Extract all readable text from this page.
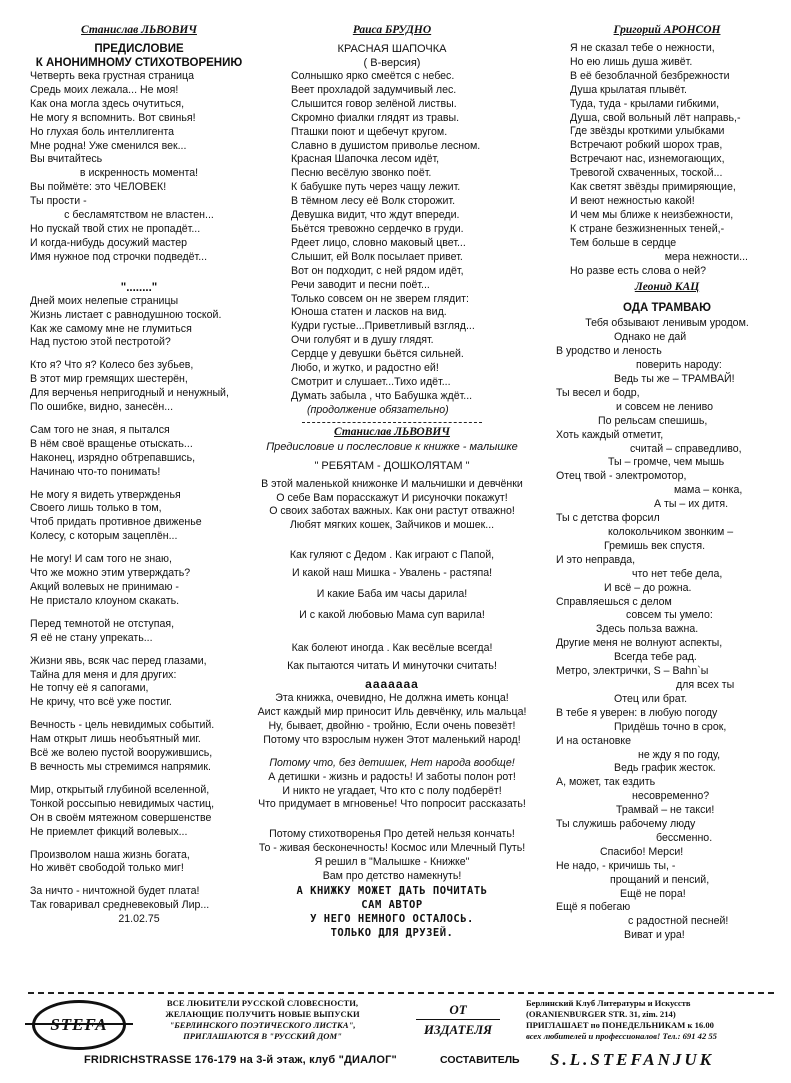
Станислав ЛЬВОВИЧ
ПРЕДИСЛОВИЕ
К АНОНИМНОМУ СТИХОТВОРЕНИЮ
Четверть века грустная страница
Средь моих лежала... Не моя!
Как она могла здесь очутиться,
Не могу я вспомнить. Вот свинья!
Но глухая боль интеллигента
Мне родна! Уже сменился век...
Вы вчитайтесь
в искренность момента!
Вы поймёте: это ЧЕЛОВЕК!
Ты прости -
с бесламятством не властен...
Но пускай твой стих не пропадёт...
И когда-нибудь досужий мастер
Имя нужное под строчки подведёт...
"........"
Дней моих нелепые страницы
Жизнь листает с равнодушною тоской.
Как же самому мне не глумиться
Над пустою этой пестротой?
Кто я? Что я? Колесо без зубьев,
В этот мир гремящих шестерён,
Для верченья непригодный и ненужный,
По ошибке, видно, занесён...
Сам того не зная, я пытался
В нём своё вращенье отыскать...
Наконец, изрядно обтрепавшись,
Начинаю что-то понимать!
Не могу я видеть утвержденья
Своего лишь только в том,
Чтоб придать противное движенье
Колесу, с которым зацеплён...
Не могу! И сам того не знаю,
Что же можно этим утверждать?
Акций волевых не принимаю -
Не пристало клоуном скакать.
Перед темнотой не отступая,
Я её не стану упрекать...
Жизни явь, всяк час перед глазами,
Тайна для меня и для других:
Не топчу её я сапогами,
Не кричу, что всё уже постиг.
Вечность - цель невидимых событий.
Нам открыт лишь необъятный миг.
Всё же волею пустой вооружившись,
В вечность мы стремимся напрямик.
Мир, открытый глубиной вселенной,
Тонкой россыпью невидимых частиц,
Он в своём мятежном совершенстве
Не приемлет фикций волевых...
Произволом наша жизнь богата,
Но живёт свободой только миг!
За ничто - ничтожной будет плата!
Так говаривал средневековый Лир...
21.02.75
Раиса БРУДНО
КРАСНАЯ ШАПОЧКА
( В-версия)
Солнышко ярко смеётся с небес.
Веет прохладой задумчивый лес.
Слышится говор зелёной листвы.
Скромно фиалки глядят из травы.
Пташки поют и щебечут кругом.
Славно в душистом приволье лесном.
Красная Шапочка лесом идёт,
Песню весёлую звонко поёт.
К бабушке путь через чащу лежит.
В тёмном лесу её Волк сторожит.
Девушка видит, что ждут впереди.
Бьётся тревожно сердечко в груди.
Рдеет лицо, словно маковый цвет...
Слышит, ей Волк посылает привет.
Вот он подходит, с ней рядом идёт,
Речи заводит и песни поёт...
Только совсем он не зверем глядит:
Юноша статен и ласков на вид.
Кудри густые...Приветливый взгляд...
Очи голубят и в душу глядят.
Сердце у девушки бьётся сильней.
Любо, и жутко, и радостно ей!
Смотрит и слушает...Тихо идёт...
Думать забыла , что Бабушка ждёт...
(продолжение обязательно)
Станислав ЛЬВОВИЧ
Предисловие и послесловие к книжке - малышке
" РЕБЯТАМ - ДОШКОЛЯТАМ "
В этой маленькой книжонке И мальчишки и девчёнки
О себе Вам порасскажут И рисуночки покажут!
О своих заботах важных. Как они растут отважно!
Любят мягких кошек, Зайчиков и мошек...
Как гуляют с Дедом . Как играют с Папой,
И какой наш Мишка - Увалень - растяпа!
И какие Баба им часы дарила!
И с какой любовью Мама суп варила!
Как болеют иногда . Как весёлые всегда!
Как пытаются читать И минуточки считать!
ааааааа
Эта книжка, очевидно, Не должна иметь конца!
Аист каждый мир приносит Иль девчёнку, иль мальца!
Ну, бывает, двойню - тройню, Если очень повезёт!
Потому что взрослым нужен Этот маленький народ!
Потому что, без детишек, Нет народа вообще!
А детишки - жизнь и радость! И заботы полон рот!
И никто не угадает, Что кто с полу подберёт!
Что придумает в мгновенье! Что попросит рассказать!
Потому стихотворенья Про детей нельзя кончать!
То - живая бесконечность! Космос или Млечный Путь!
Я решил в "Малышке - Книжке"
Вам про детство намекнуть!
А КНИЖКУ МОЖЕТ ДАТЬ ПОЧИТАТЬ
САМ АВТОР
У НЕГО НЕМНОГО ОСТАЛОСЬ.
ТОЛЬКО ДЛЯ ДРУЗЕЙ.
Григорий АРОНСОН
Я не сказал тебе о нежности,
Но ею лишь душа живёт.
В её безоблачной безбрежности
Душа крылатая плывёт.
Туда, туда - крылами гибкими,
Душа, свой вольный лёт направь,-
Где звёзды кроткими улыбками
Встречают робкий шорох трав,
Встречают нас, изнемогающих,
Тревогой схваченных, тоской...
Как светят звёзды примиряющие,
И веют нежностью какой!
И чем мы ближе к неизбежности,
К стране безжизненных теней,-
Тем больше в сердце
мера нежности...
Но разве есть слова о ней?
Леонид КАЦ
ОДА ТРАМВАЮ
Тебя обзывают ленивым уродом.
Однако не дай
В уродство и леность
поверить народу:
Ведь ты же – ТРАМВАЙ!
Ты весел и бодр,
и совсем не лениво
По рельсам спешишь,
Хоть каждый отметит,
считай – справедливо,
Ты – громче, чем мышь
Отец твой - электромотор,
мама – конка,
А ты – их дитя.
Ты с детства форсил
колокольчиком звонким –
Гремишь век спустя.
И это неправда,
что нет тебе дела,
И всё – до рожна.
Справляешься с делом
совсем ты умело:
Здесь польза важна.
Другие меня не волнуют аспекты,
Всегда тебе рад.
Метро, электрички, S – Bahn`ы
для всех ты
Отец или брат.
В тебе я уверен: в любую погоду
Придёшь точно в срок,
И на остановке
не жду я по году,
Ведь график жесток.
А, может, так ездить
несовременно?
Трамвай – не такси!
Ты служишь рабочему люду
бессменно.
Спасибо! Мерси!
Не надо, - кричишь ты, -
прощаний и пенсий,
Ещё не пора!
Ещё я побегаю
с радостной песней!
Виват и ура!
STEFA
ВСЕ ЛЮБИТЕЛИ РУССКОЙ СЛОВЕСНОСТИ,
ЖЕЛАЮЩИЕ ПОЛУЧИТЬ НОВЫЕ ВЫПУСКИ
"БЕРЛИНСКОГО ПОЭТИЧЕСКОГО ЛИСТКА",
ПРИГЛАШАЮТСЯ В "РУССКИЙ ДОМ"
ОТ
ИЗДАТЕЛЯ
Берлинский Клуб Литературы и Искусств
(ORANIENBURGER STR. 31, zim. 214)
ПРИГЛАШАЕТ по ПОНЕДЕЛЬНИКАМ к 16.00
всех любителей и профессионалов! Тел.: 691 42 55
FRIDRICHSTRASSE 176-179 на 3-й этаж, клуб "ДИАЛОГ"	СОСТАВИТЕЛЬ S.L.STEFANJUK
